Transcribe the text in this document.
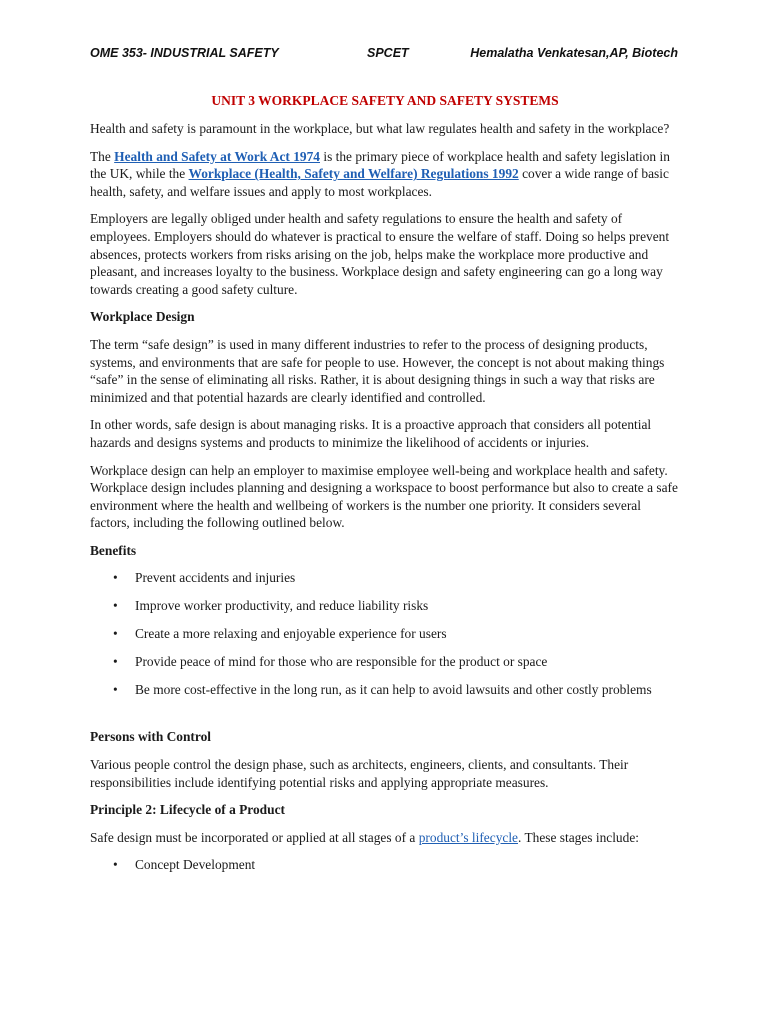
OME 353- INDUSTRIAL SAFETY	SPCET	Hemalatha Venkatesan,AP, Biotech
UNIT 3 WORKPLACE SAFETY AND SAFETY SYSTEMS

Health and safety is paramount in the workplace, but what law regulates health and safety in the workplace?

The Health and Safety at Work Act 1974 is the primary piece of workplace health and safety legislation in the UK, while the Workplace (Health, Safety and Welfare) Regulations 1992 cover a wide range of basic health, safety, and welfare issues and apply to most workplaces.

Employers are legally obliged under health and safety regulations to ensure the health and safety of employees. Employers should do whatever is practical to ensure the welfare of staff. Doing so helps prevent absences, protects workers from risks arising on the job, helps make the workplace more productive and pleasant, and increases loyalty to the business. Workplace design and safety engineering can go a long way towards creating a good safety culture.

Workplace Design

The term “safe design” is used in many different industries to refer to the process of designing products, systems, and environments that are safe for people to use. However, the concept is not about making things “safe” in the sense of eliminating all risks. Rather, it is about designing things in such a way that risks are minimized and that potential hazards are clearly identified and controlled.

In other words, safe design is about managing risks. It is a proactive approach that considers all potential hazards and designs systems and products to minimize the likelihood of accidents or injuries.

Workplace design can help an employer to maximise employee well-being and workplace health and safety. Workplace design includes planning and designing a workspace to boost performance but also to create a safe environment where the health and wellbeing of workers is the number one priority. It considers several factors, including the following outlined below.

Benefits
• Prevent accidents and injuries
• Improve worker productivity, and reduce liability risks
• Create a more relaxing and enjoyable experience for users
• Provide peace of mind for those who are responsible for the product or space
• Be more cost-effective in the long run, as it can help to avoid lawsuits and other costly problems
Persons with Control

Various people control the design phase, such as architects, engineers, clients, and consultants. Their responsibilities include identifying potential risks and applying appropriate measures.

Principle 2: Lifecycle of a Product

Safe design must be incorporated or applied at all stages of a product’s lifecycle. These stages include:

• Concept Development
